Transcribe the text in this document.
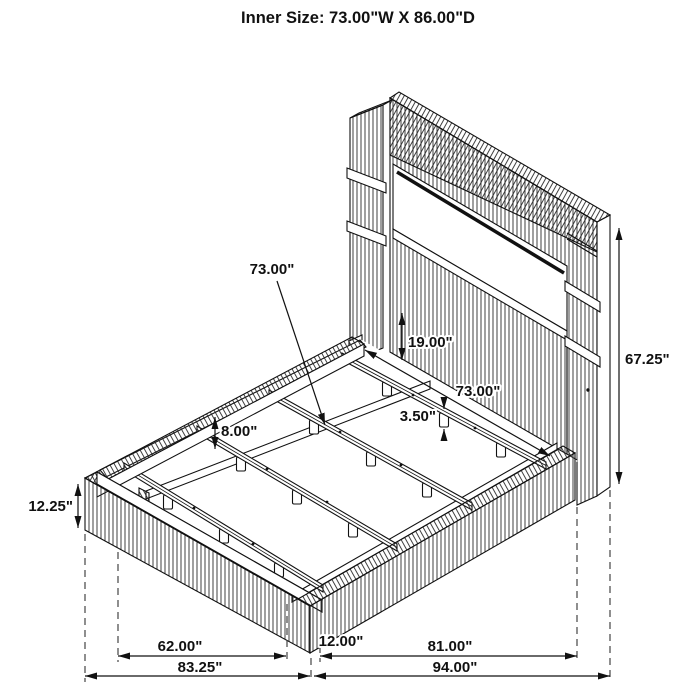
Inner Size: 73.00"W X 86.00"D
67.25"
19.00"
73.00"
73.00"
3.50"
8.00"
12.25"
62.00"	12.00"	81.00"
83.25"	94.00"
